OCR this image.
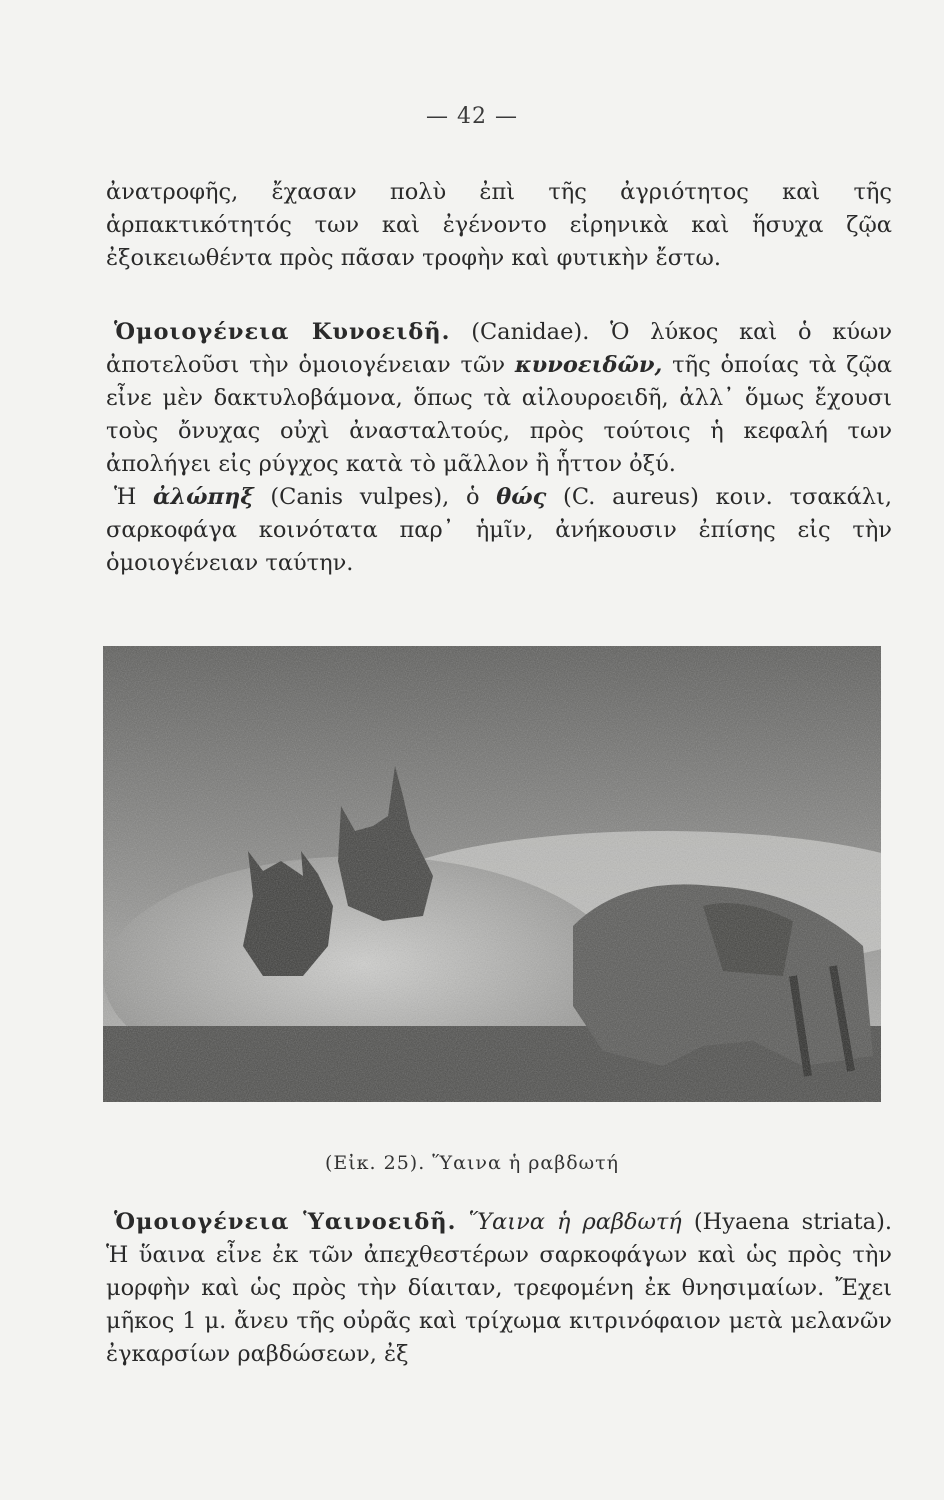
— 42 —

ἀνατροφῆς, ἔχασαν πολὺ ἐπὶ τῆς ἀγριότητος καὶ τῆς ἁρπακτικότητός των καὶ ἐγένοντο εἰρηνικὰ καὶ ἥσυχα ζῷα ἐξοικειωθέντα πρὸς πᾶσαν τροφὴν καὶ φυτικὴν ἔστω.

Ὁμοιογένεια Κυνοειδῆ. (Canidae). Ὁ λύκος καὶ ὁ κύων ἀποτελοῦσι τὴν ὁμοιογένειαν τῶν κυνοειδῶν, τῆς ὁποίας τὰ ζῷα εἶνε μὲν δακτυλοβάμονα, ὅπως τὰ αἰλουροειδῆ, ἀλλ᾿ ὅμως ἔχουσι τοὺς ὄνυχας οὐχὶ ἀνασταλτούς, πρὸς τούτοις ἡ κεφαλή των ἀπολήγει εἰς ρύγχος κατὰ τὸ μᾶλλον ἢ ἧττον ὀξύ.

Ἡ ἀλώπηξ (Canis vulpes), ὁ θώς (C. aureus) κοιν. τσακάλι, σαρκοφάγα κοινότατα παρ᾿ ἡμῖν, ἀνήκουσιν ἐπίσης εἰς τὴν ὁμοιογένειαν ταύτην.

(Εἰκ. 25). Ὕαινα ἡ ραβδωτή

Ὁμοιογένεια Ὑαινοειδῆ. Ὕαινα ἡ ραβδωτή (Hyaena striata). Ἡ ὕαινα εἶνε ἐκ τῶν ἀπεχθεστέρων σαρκοφάγων καὶ ὡς πρὸς τὴν μορφὴν καὶ ὡς πρὸς τὴν δίαιταν, τρεφομένη ἐκ θνησιμαίων. Ἔχει μῆκος 1 μ. ἄνευ τῆς οὐρᾶς καὶ τρίχωμα κιτρινόφαιον μετὰ μελανῶν ἐγκαρσίων ραβδώσεων, ἐξ
